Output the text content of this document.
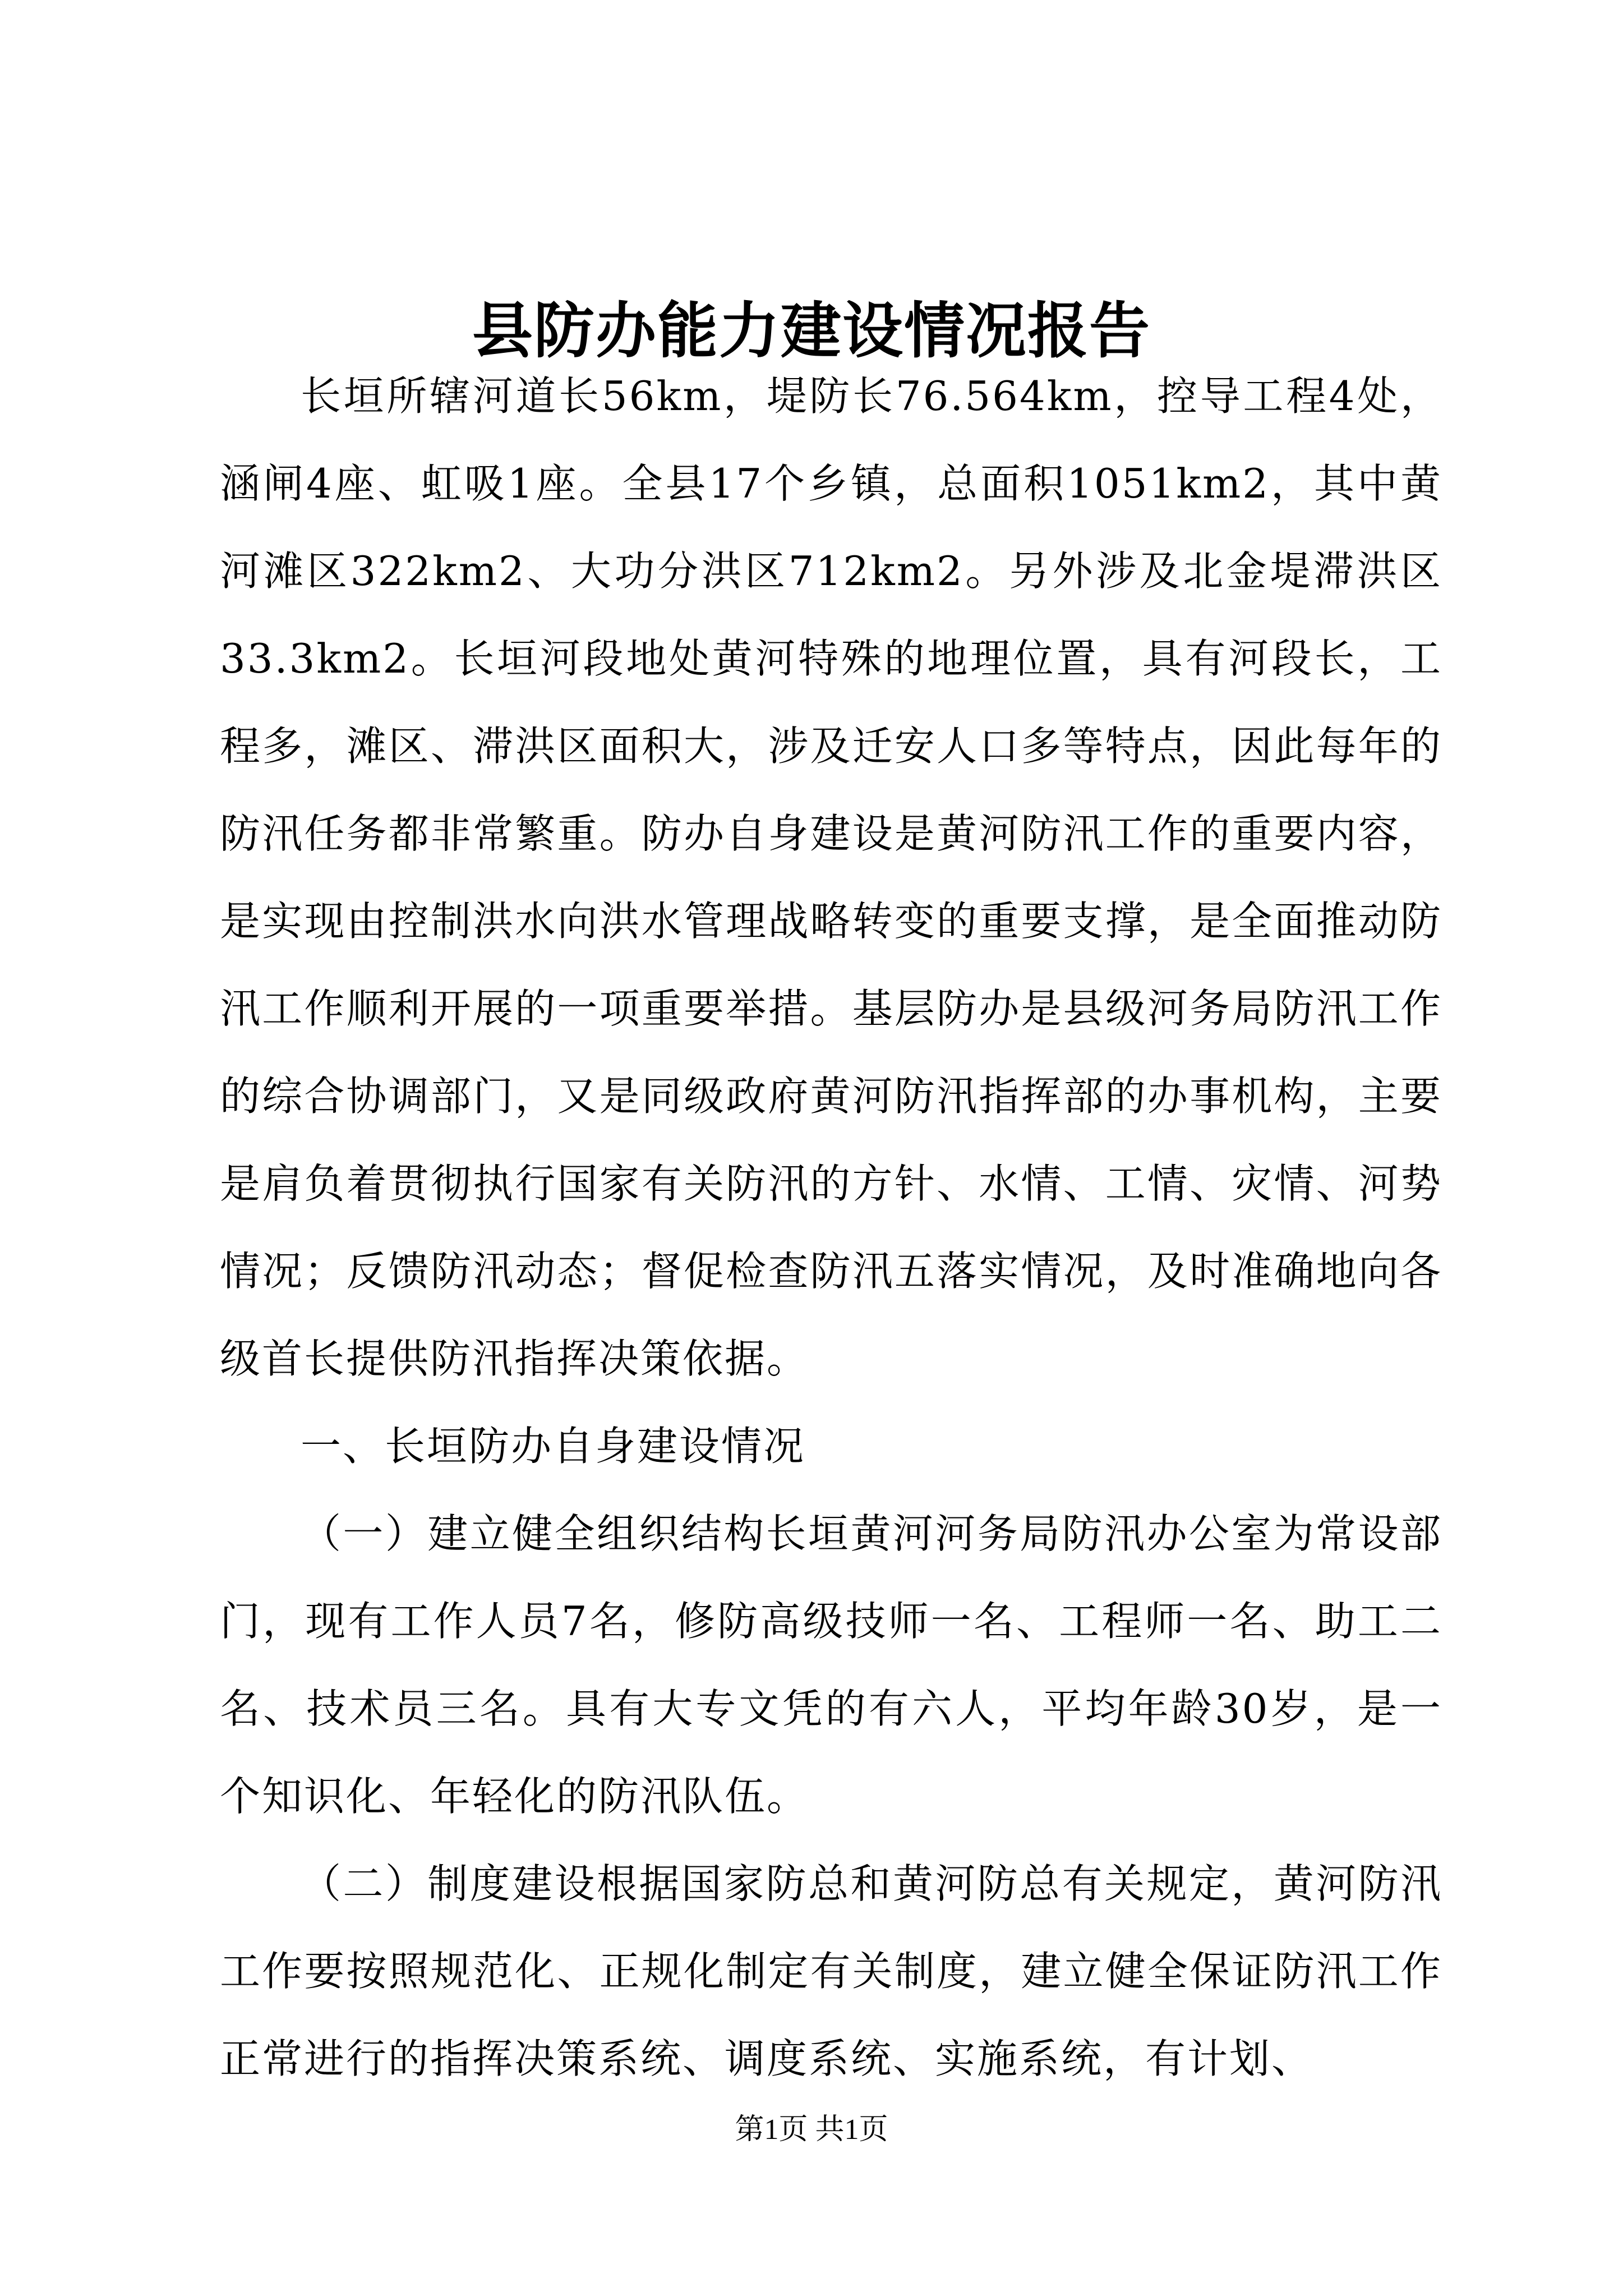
县防办能力建设情况报告

长垣所辖河道长56km，堤防长76.564km，控导工程4处，涵闸4座、虹吸1座。全县17个乡镇，总面积1051km2，其中黄河滩区322km2、大功分洪区712km2。另外涉及北金堤滞洪区33.3km2。长垣河段地处黄河特殊的地理位置，具有河段长，工程多，滩区、滞洪区面积大，涉及迁安人口多等特点，因此每年的防汛任务都非常繁重。防办自身建设是黄河防汛工作的重要内容，是实现由控制洪水向洪水管理战略转变的重要支撑，是全面推动防汛工作顺利开展的一项重要举措。基层防办是县级河务局防汛工作的综合协调部门，又是同级政府黄河防汛指挥部的办事机构，主要是肩负着贯彻执行国家有关防汛的方针、水情、工情、灾情、河势情况；反馈防汛动态；督促检查防汛五落实情况，及时准确地向各级首长提供防汛指挥决策依据。

一、长垣防办自身建设情况

（一）建立健全组织结构长垣黄河河务局防汛办公室为常设部门，现有工作人员7名，修防高级技师一名、工程师一名、助工二名、技术员三名。具有大专文凭的有六人，平均年龄30岁，是一个知识化、年轻化的防汛队伍。

（二）制度建设根据国家防总和黄河防总有关规定，黄河防汛工作要按照规范化、正规化制定有关制度，建立健全保证防汛工作正常进行的指挥决策系统、调度系统、实施系统，有计划、

第1页 共1页
